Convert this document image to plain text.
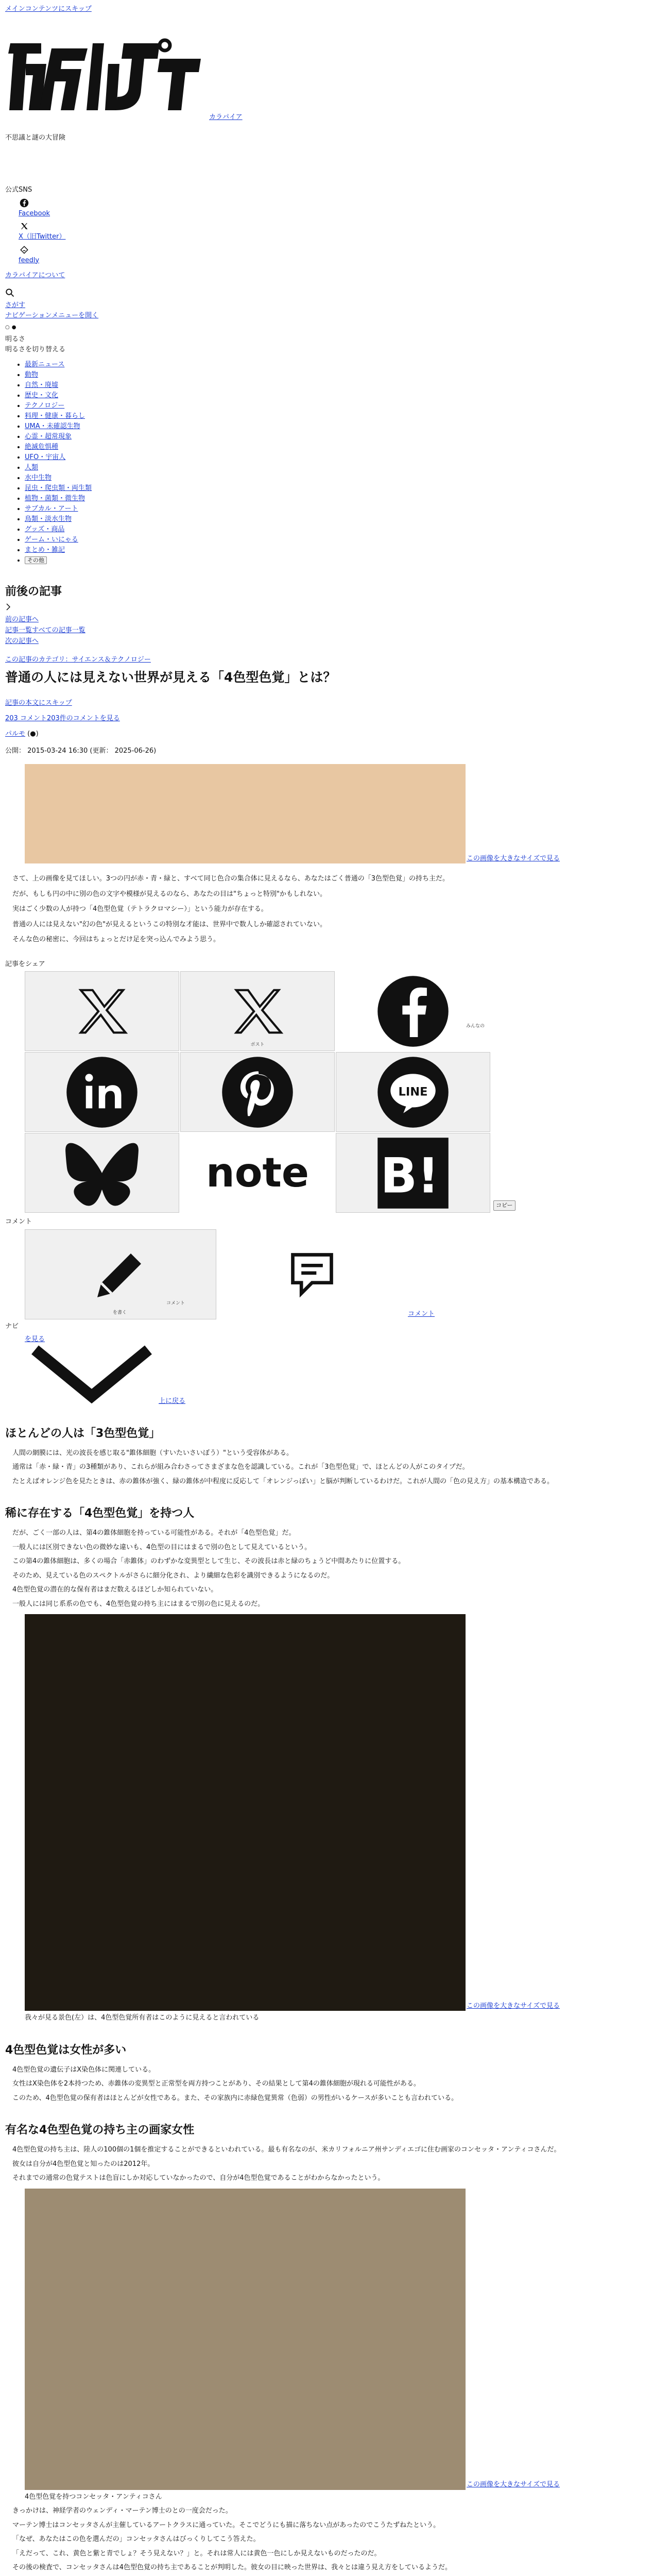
メインコンテンツにスキップ
カラパイア
不思議と謎の大冒険
公式SNS
Facebook
X（旧Twitter）
feedly
カラパイアについて
さがす
ナビゲーションメニューを開く
○●
明るさ
明るさを切り替える
• 最新ニュース
• 動物
• 自然・廃墟
• 歴史・文化
• テクノロジー
• 料理・健康・暮らし
• UMA・未確認生物
• 心霊・超常現象
• 絶滅危惧種
• UFO・宇宙人
• 人類
• 水中生物
• 昆虫・爬虫類・両生類
• 植物・菌類・微生物
• サブカル・アート
• 鳥類・淡水生物
• グッズ・商品
• ゲーム・いにゃる
• まとめ・雑記
• その他
前後の記事
前の記事へ
記事一覧すべての記事一覧
次の記事へ
この記事のカテゴリ：サイエンス＆テクノロジー
普通の人には見えない世界が見える「4色型色覚」とは？
記事の本文にスキップ
203 コメント203件のコメントを見る
パルモ (●)
公開： 2015-03-24 16:30 (更新： 2025-06-26)
この画像を大きなサイズで見る

さて、上の画像を見てほしい。3つの円が赤・青・緑と、すべて同じ色合の集合体に見えるなら、あなたはごく普通の「3色型色覚」の持ち主だ。

だが、もしも円の中に別の色の文字や模様が見えるのなら、あなたの目は"ちょっと特別"かもしれない。

実はごく少数の人が持つ「4色型色覚（テトラクロマシー）」という能力が存在する。

普通の人には見えない"幻の色"が見えるというこの特別な才能は、世界中で数人しか確認されていない。

そんな色の秘密に、今回はちょっとだけ足を突っ込んでみよう思う。

記事をシェア
ポスト
みんなの
LINE
note	B!
コピー
コメント
を書く
コメント
コメント
ナビ
を見る
上に戻る
ほとんどの人は「3色型色覚」

人間の網膜には、光の波長を感じ取る"錐体細胞（すいたいさいぼう）"という受容体がある。

通常は「赤・緑・青」の3種類があり、これらが組み合わさってさまざまな色を認識している。これが「3色型色覚」で、ほとんどの人がこのタイプだ。

たとえばオレンジ色を見たときは、赤の錐体が強く、緑の錐体が中程度に反応して「オレンジっぽい」と脳が判断しているわけだ。これが人間の「色の見え方」の基本構造である。

稀に存在する「4色型色覚」を持つ人

だが、ごく一部の人は、第4の錐体細胞を持っている可能性がある。それが「4色型色覚」だ。

一般人には区別できない色の微妙な違いも、4色型の目にはまるで別の色として見えているという。

この第4の錐体細胞は、多くの場合「赤錐体」のわずかな変異型として生じ、その波長は赤と緑のちょうど中間あたりに位置する。

そのため、見えている色のスペクトルがさらに細分化され、より繊細な色彩を識別できるようになるのだ。

4色型色覚の潜在的な保有者はまだ数えるほどしか知られていない。

一般人には同じ系系の色でも、4色型色覚の持ち主にはまるで別の色に見えるのだ。

この画像を大きなサイズで見る
我々が見る景色(左）は、4色型色覚所有者はこのように見えると言われている
4色型色覚は女性が多い

4色型色覚の遺伝子はX染色体に関連している。

女性はX染色体を2本持つため、赤錐体の変異型と正常型を両方持つことがあり、その結果として第4の錐体細胞が現れる可能性がある。

このため、4色型色覚の保有者はほとんどが女性である。また、その家族内に赤緑色覚異常（色弱）の男性がいるケースが多いことも言われている。

有名な4色型色覚の持ち主の画家女性

4色型色覚の持ち主は、陸人の100個の1個を推定することができるといわれている。最も有名なのが、米カリフォルニア州サンディエゴに住む画家のコンセッタ・アンティコさんだ。

彼女は自分が4色型色覚と知ったのは2012年。

それまでの通常の色覚テストは色盲にしか対応していなかったので、自分が4色型色覚であることがわからなかったという。

この画像を大きなサイズで見る
4色型色覚を持つコンセッタ・アンティコさん

きっかけは、神経学者のウェンディ・マーテン博士のとの一度会だった。

マーテン博士はコンセッタさんが主催しているアートクラスに通っていた。そこでどうにも描に落ちない点があったのでこうたずねたという。

「なぜ、あなたはこの色を選んだの」コンセッタさんはびっくりしてこう答えた。

「えだって、これ、黄色と紫と青でしょ？そう見えない？」と。それは常人には黄色一色にしか見えないものだったのだ。

その後の検査で、コンセッタさんは4色型色覚の持ち主であることが判明した。彼女の目に映った世界は、我々とは違う見え方をしているようだ。
